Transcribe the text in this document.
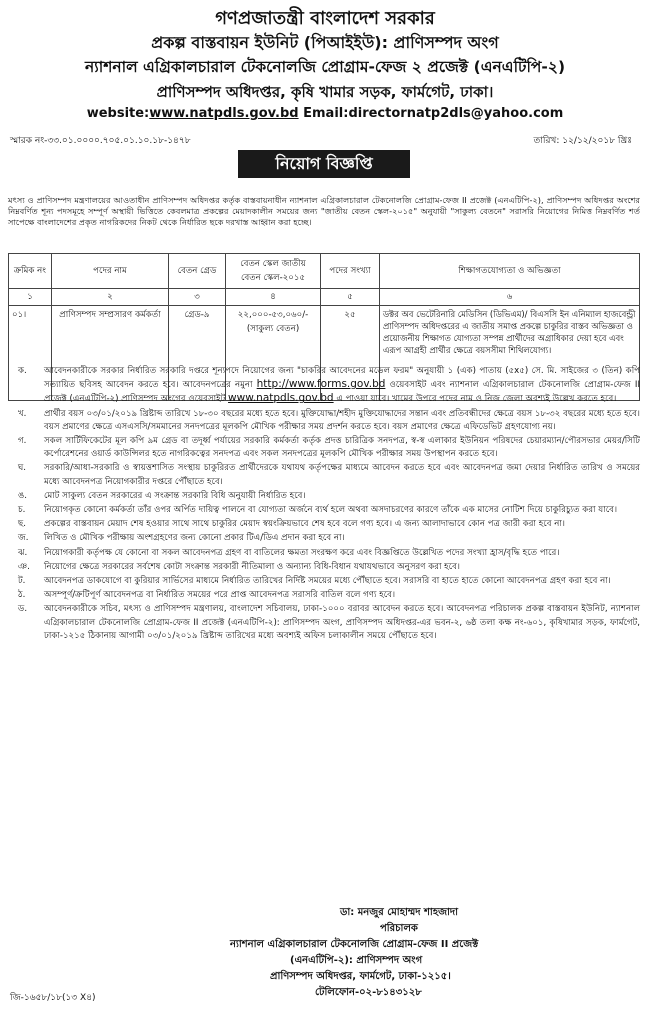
গণপ্রজাতন্ত্রী বাংলাদেশ সরকার
প্রকল্প বাস্তবায়ন ইউনিট (পিআইইউ): প্রাণিসম্পদ অংগ
ন্যাশনাল এগ্রিকালচারাল টেকনোলজি প্রোগ্রাম-ফেজ ২ প্রজেক্ট (এনএটিপি-২)
প্রাণিসম্পদ অধিদপ্তর, কৃষি খামার সড়ক, ফার্মগেট, ঢাকা।
website:www.natpdls.gov.bd Email:directornatp2dls@yahoo.com
স্মারক নং-৩৩.০১.০০০০.৭০৫.০১.১০.১৮-১৪৭৮	তারিখ: ১২/১২/২০১৮ খ্রিঃ
নিয়োগ বিজ্ঞপ্তি
মৎস্য ও প্রাণিসম্পদ মন্ত্রণালয়ের আওতাধীন প্রাণিসম্পদ অধিদপ্তর কর্তৃক বাস্তবায়নাধীন ন্যাশনাল এগ্রিকালচারাল টেকনোলজি প্রোগ্রাম-ফেজ II প্রজেক্ট (এনএটিপি-২), প্রাণিসম্পদ অধিদপ্তর অংশের নিম্নবর্ণিত শূন্য পদসমূহে সম্পূর্ণ অস্থায়ী ভিত্তিতে কেবলমাত্র প্রকল্পের মেয়াদকালীন সময়ের জন্য "জাতীয় বেতন স্কেল-২০১৫" অনুযায়ী "সাকুল্য বেতনে" সরাসরি নিয়োগের নিমিত্ত নিম্নবর্ণিত শর্ত সাপেক্ষে বাংলাদেশের প্রকৃত নাগরিকদের নিকট থেকে নির্ধারিত ছকে দরখাস্ত আহ্বান করা হচ্ছে।
ক্রমিক নং	পদের নাম	বেতন গ্রেড	বেতন স্কেল জাতীয় বেতন স্কেল-২০১৫	পদের সংখ্যা	শিক্ষাগতযোগ্যতা ও অভিজ্ঞতা
১	২	৩	৪	৫	৬
০১।	প্রাণিসম্পদ সম্প্রসারণ কর্মকর্তা	গ্রেড-৯	২২,০০০-৫৩,০৬০/- (সাকুল্য বেতন)	২৫	ডক্টর অব ভেটেরিনারি মেডিসিন (ডিভিএম)/ বিএসসি ইন এনিম্যাল হাজবেন্ড্রী প্রাণিসম্পদ অধিদপ্তরের এ জাতীয় সমাপ্ত প্রকল্পে চাকুরির বাস্তব অভিজ্ঞতা ও প্রয়োজনীয় শিক্ষাগত যোগ্যতা সম্পন্ন প্রার্থীদের অগ্রাধিকার দেয়া হবে এবং এরূপ আগ্রহী প্রার্থীর ক্ষেত্রে বয়সসীমা শিথিলযোগ্য।
ক. আবেদনকারীকে সরকার নির্ধারিত সরকারি দপ্তরে শূন্যপদে নিয়োগের জন্য "চাকরির আবেদনের মডেল ফরম" অনুযায়ী ১ (এক) পাতায় (৫x৫) সে. মি. সাইজের ৩ (তিন) কপি সত্যায়িত ছবিসহ আবেদন করতে হবে। আবেদনপত্রের নমুনা http://www.forms.gov.bd ওয়েবসাইট এবং ন্যাশনাল এগ্রিকালচারাল টেকনোলজি প্রোগ্রাম-ফেজ II প্রজেক্ট (এনএটিপি-২) প্রাণিসম্পদ অংগের ওয়েবসাইট www.natpdls.gov.bd এ পাওয়া যাবে। খামের উপরে পদের নাম ও নিজ জেলা অবশ্যই উল্লেখ করতে হবে।
খ. প্রার্থীর বয়স ০৩/০১/২০১৯ খ্রিষ্টাব্দ তারিখে ১৮-৩০ বছরের মধ্যে হতে হবে। মুক্তিযোদ্ধা/শহীদ মুক্তিযোদ্ধাদের সন্তান এবং প্রতিবন্ধীদের ক্ষেত্রে বয়স ১৮-৩২ বছরের মধ্যে হতে হবে। বয়স প্রমাণের ক্ষেত্রে এসএসসি/সমমানের সনদপত্রের মূলকপি মৌখিক পরীক্ষার সময় প্রদর্শন করতে হবে। বয়স প্রমাণের ক্ষেত্রে এফিডেভিট গ্রহণযোগ্য নয়।
গ. সকল সার্টিফিকেটের মূল কপি ৯ম গ্রেড বা তদূর্ধ্ব পর্যায়ের সরকারি কর্মকর্তা কর্তৃক প্রদত্ত চারিত্রিক সনদপত্র, স্ব-স্ব এলাকার ইউনিয়ন পরিষদের চেয়ারম্যান/পৌরসভার মেয়র/সিটি কর্পোরেশনের ওয়ার্ড কাউন্সিলর হতে নাগরিকত্বের সনদপত্র এবং সকল সনদপত্রের মূলকপি মৌখিক পরীক্ষার সময় উপস্থাপন করতে হবে।
ঘ. সরকারি/আধা-সরকারি ও স্বায়ত্তশাসিত সংস্থায় চাকুরিরত প্রার্থীদেরকে যথাযথ কর্তৃপক্ষের মাধ্যমে আবেদন করতে হবে এবং আবেদনপত্র জমা দেয়ার নির্ধারিত তারিখ ও সময়ের মধ্যে আবেদনপত্র নিয়োগকারীর দপ্তরে পৌঁছাতে হবে।
ঙ. মোট সাকুল্য বেতন সরকারের এ সংক্রান্ত সরকারি বিধি অনুযায়ী নির্ধারিত হবে।
চ. নিয়োগকৃত কোনো কর্মকর্তা তাঁর ওপর অর্পিত দায়িত্ব পালনে বা যোগ্যতা অর্জনে ব্যর্থ হলে অথবা অসদাচরণের কারণে তাঁকে এক মাসের নোটিশ দিয়ে চাকুরিচ্যুত করা যাবে।
ছ. প্রকল্পের বাস্তবায়ন মেয়াদ শেষ হওয়ার সাথে সাথে চাকুরির মেয়াদ স্বয়ংক্রিয়ভাবে শেষ হবে বলে গণ্য হবে। এ জন্য আলাদাভাবে কোন পত্র জারী করা হবে না।
জ. লিখিত ও মৌখিক পরীক্ষায় অংশগ্রহণের জন্য কোনো প্রকার টিএ/ডিএ প্রদান করা হবে না।
ঝ. নিয়োগকারী কর্তৃপক্ষ যে কোনো বা সকল আবেদনপত্র গ্রহণ বা বাতিলের ক্ষমতা সংরক্ষণ করে এবং বিজ্ঞপ্তিতে উল্লেখিত পদের সংখ্যা হ্রাস/বৃদ্ধি হতে পারে।
ঞ. নিয়োগের ক্ষেত্রে সরকারের সর্বশেষ কোটা সংক্রান্ত সরকারী নীতিমালা ও অন্যান্য বিধি-বিধান যথাযথভাবে অনুসরণ করা হবে।
ট. আবেদনপত্র ডাকযোগে বা কুরিয়ার সার্ভিসের মাধ্যমে নির্ধারিত তারিখের নির্দিষ্ট সময়ের মধ্যে পৌঁছাতে হবে। সরাসরি বা হাতে হাতে কোনো আবেদনপত্র গ্রহণ করা হবে না।
ঠ. অসম্পূর্ণ/ক্রটিপূর্ণ আবেদনপত্র বা নির্ধারিত সময়ের পরে প্রাপ্ত আবেদনপত্র সরাসরি বাতিল বলে গণ্য হবে।
ড. আবেদনকারীকে সচিব, মৎস্য ও প্রাণিসম্পদ মন্ত্রণালয়, বাংলাদেশ সচিবালয়, ঢাকা-১০০০ বরাবর আবেদন করতে হবে। আবেদনপত্র পরিচালক প্রকল্প বাস্তবায়ন ইউনিট, ন্যাশনাল এগ্রিকালচারাল টেকনোলজি প্রোগ্রাম-ফেজ II প্রজেক্ট (এনএটিপি-২): প্রাণিসম্পদ অংগ, প্রাণিসম্পদ অধিদপ্তর-এর ভবন-২, ৬ষ্ঠ তলা কক্ষ নং-৬০১, কৃষিখামার সড়ক, ফার্মগেট, ঢাকা-১২১৫ ঠিকানায় আগামী ০৩/০১/২০১৯ খ্রিষ্টাব্দ তারিখের মধ্যে অবশ্যই অফিস চলাকালীন সময়ে পৌঁছাতে হবে।
ডা: মনজুর মোহাম্মদ শাহজাদা
পরিচালক
ন্যাশনাল এগ্রিকালচারাল টেকনোলজি প্রোগ্রাম-ফেজ II প্রজেক্ট
(এনএটিপি-২): প্রাণিসম্পদ অংগ
প্রাণিসম্পদ অধিদপ্তর, ফার্মগেট, ঢাকা-১২১৫।
টেলিফোন-০২-৮১৪৩১২৮
জি-১৬৫৮/১৮(১৩ X৪)
